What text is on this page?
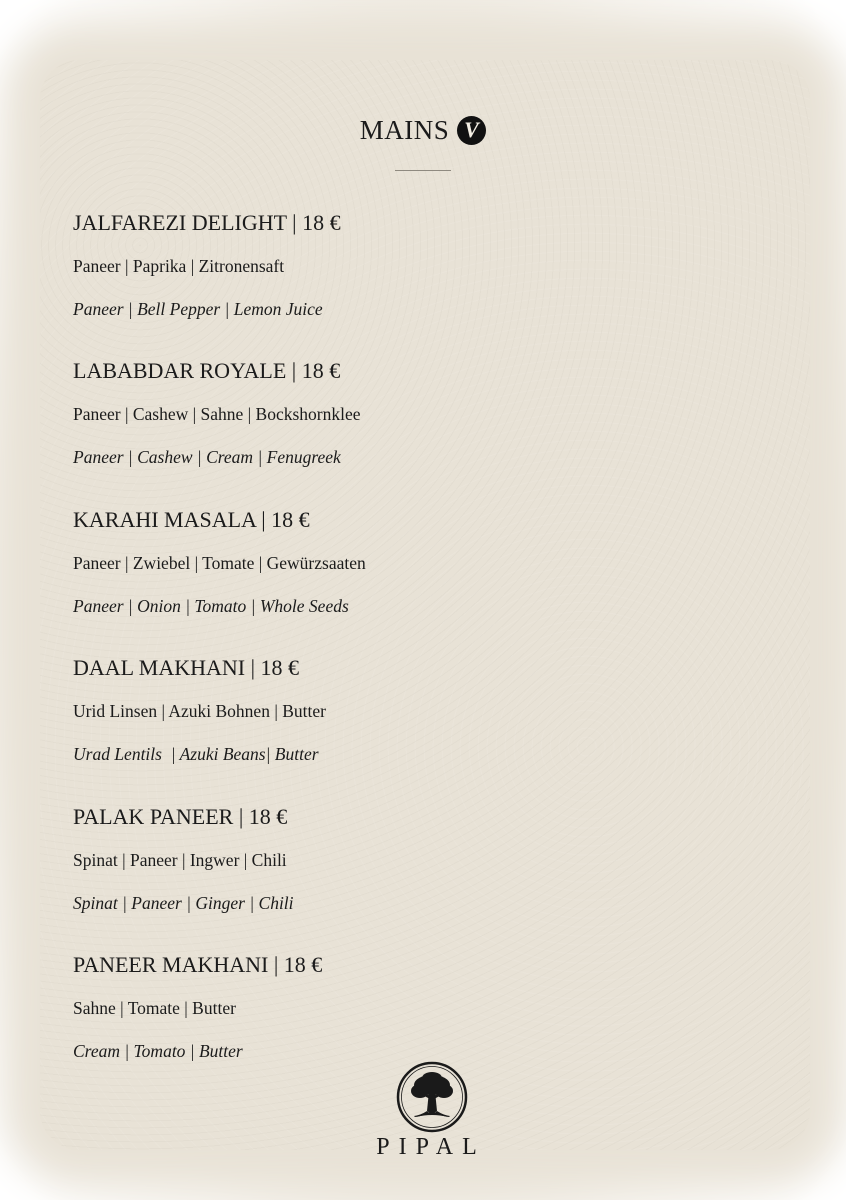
MAINS V
JALFAREZI DELIGHT | 18 €
Paneer | Paprika | Zitronensaft
Paneer | Bell Pepper | Lemon Juice
LABABDAR ROYALE | 18 €
Paneer | Cashew | Sahne | Bockshornklee
Paneer | Cashew | Cream | Fenugreek
KARAHI MASALA | 18 €
Paneer | Zwiebel | Tomate | Gewürzsaaten
Paneer | Onion | Tomato | Whole Seeds
DAAL MAKHANI | 18 €
Urid Linsen | Azuki Bohnen | Butter
Urad Lentils  | Azuki Beans| Butter
PALAK PANEER | 18 €
Spinat | Paneer | Ingwer | Chili
Spinat | Paneer | Ginger | Chili
PANEER MAKHANI | 18 €
Sahne | Tomate | Butter
Cream | Tomato | Butter
PIPAL
